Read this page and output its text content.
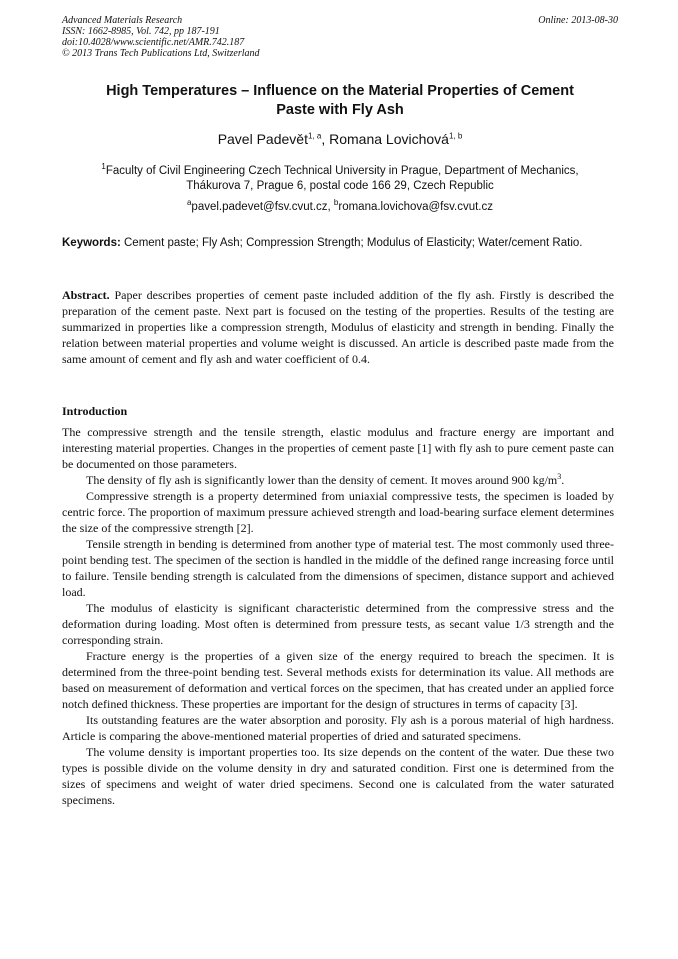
Advanced Materials Research
ISSN: 1662-8985, Vol. 742, pp 187-191
doi:10.4028/www.scientific.net/AMR.742.187
© 2013 Trans Tech Publications Ltd, Switzerland
Online: 2013-08-30
High Temperatures – Influence on the Material Properties of Cement
Paste with Fly Ash
Pavel Padevět$^{1, a}$, Romana Lovichová$^{1, b}$
$^1$Faculty of Civil Engineering Czech Technical University in Prague, Department of Mechanics,
Thákurova 7, Prague 6, postal code 166 29, Czech Republic
$^a$pavel.padevet@fsv.cvut.cz, $^b$romana.lovichova@fsv.cvut.cz
Keywords: Cement paste; Fly Ash; Compression Strength; Modulus of Elasticity; Water/cement Ratio.
Abstract. Paper describes properties of cement paste included addition of the fly ash. Firstly is described the preparation of the cement paste. Next part is focused on the testing of the properties. Results of the testing are summarized in properties like a compression strength, Modulus of elasticity and strength in bending. Finally the relation between material properties and volume weight is discussed. An article is described paste made from the same amount of cement and fly ash and water coefficient of 0.4.
Introduction

The compressive strength and the tensile strength, elastic modulus and fracture energy are important and interesting material properties. Changes in the properties of cement paste [1] with fly ash to pure cement paste can be documented on those parameters.

The density of fly ash is significantly lower than the density of cement. It moves around 900 $kg/m^3$.

Compressive strength is a property determined from uniaxial compressive tests, the specimen is loaded by centric force. The proportion of maximum pressure achieved strength and load-bearing surface element determines the size of the compressive strength [2].

Tensile strength in bending is determined from another type of material test. The most commonly used three-point bending test. The specimen of the section is handled in the middle of the defined range increasing force until to failure. Tensile bending strength is calculated from the dimensions of specimen, distance support and achieved load.

The modulus of elasticity is significant characteristic determined from the compressive stress and the deformation during loading. Most often is determined from pressure tests, as secant value 1/3 strength and the corresponding strain.

Fracture energy is the properties of a given size of the energy required to breach the specimen. It is determined from the three-point bending test. Several methods exists for determination its value. All methods are based on measurement of deformation and vertical forces on the specimen, that has created under an applied force notch defined thickness. These properties are important for the design of structures in terms of capacity [3].

Its outstanding features are the water absorption and porosity. Fly ash is a porous material of high hardness. Article is comparing the above-mentioned material properties of dried and saturated specimens.

The volume density is important properties too. Its size depends on the content of the water. Due these two types is possible divide on the volume density in dry and saturated condition. First one is determined from the sizes of specimens and weight of water dried specimens. Second one is calculated from the water saturated specimens.
